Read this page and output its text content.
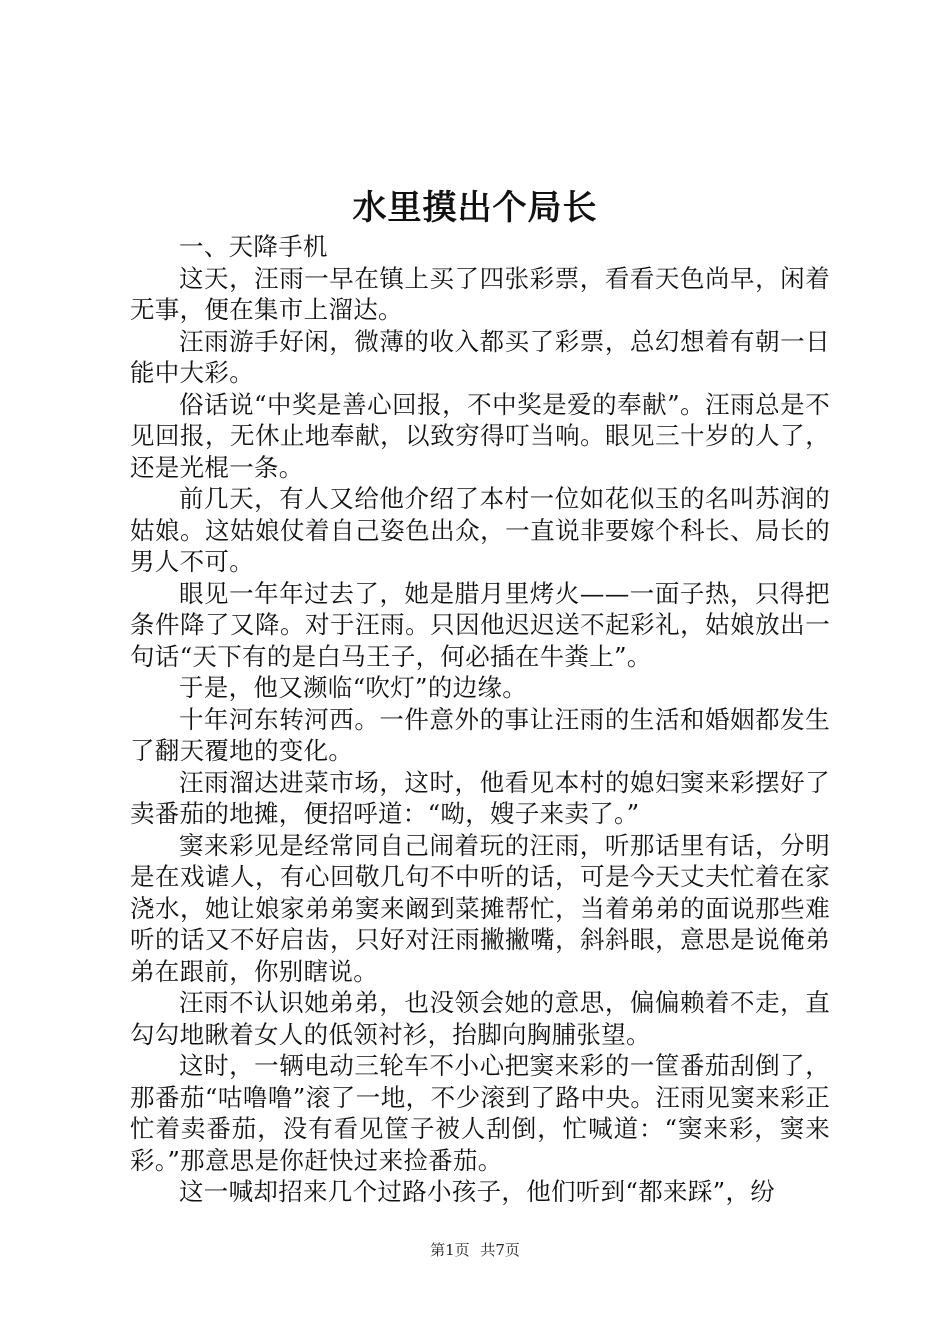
水里摸出个局长

一、天降手机

这天，汪雨一早在镇上买了四张彩票，看看天色尚早，闲着无事，便在集市上溜达。

汪雨游手好闲，微薄的收入都买了彩票，总幻想着有朝一日能中大彩。

俗话说“中奖是善心回报，不中奖是爱的奉献”。汪雨总是不见回报，无休止地奉献，以致穷得叮当响。眼见三十岁的人了，还是光棍一条。

前几天，有人又给他介绍了本村一位如花似玉的名叫苏润的姑娘。这姑娘仗着自己姿色出众，一直说非要嫁个科长、局长的男人不可。

眼见一年年过去了，她是腊月里烤火——一面子热，只得把条件降了又降。对于汪雨。只因他迟迟送不起彩礼，姑娘放出一句话“天下有的是白马王子，何必插在牛粪上”。

于是，他又濒临“吹灯”的边缘。

十年河东转河西。一件意外的事让汪雨的生活和婚姻都发生了翻天覆地的变化。

汪雨溜达进菜市场，这时，他看见本村的媳妇窦来彩摆好了卖番茄的地摊，便招呼道：“呦，嫂子来卖了。”

窦来彩见是经常同自己闹着玩的汪雨，听那话里有话，分明是在戏谑人，有心回敬几句不中听的话，可是今天丈夫忙着在家浇水，她让娘家弟弟窦来阚到菜摊帮忙，当着弟弟的面说那些难听的话又不好启齿，只好对汪雨撇撇嘴，斜斜眼，意思是说俺弟弟在跟前，你别瞎说。

汪雨不认识她弟弟，也没领会她的意思，偏偏赖着不走，直勾勾地瞅着女人的低领衬衫，抬脚向胸脯张望。

这时，一辆电动三轮车不小心把窦来彩的一筐番茄刮倒了，那番茄“咕噜噜”滚了一地，不少滚到了路中央。汪雨见窦来彩正忙着卖番茄，没有看见筐子被人刮倒，忙喊道：“窦来彩，窦来彩。”那意思是你赶快过来捡番茄。

这一喊却招来几个过路小孩子，他们听到“都来踩”，纷

第1页 共7页
